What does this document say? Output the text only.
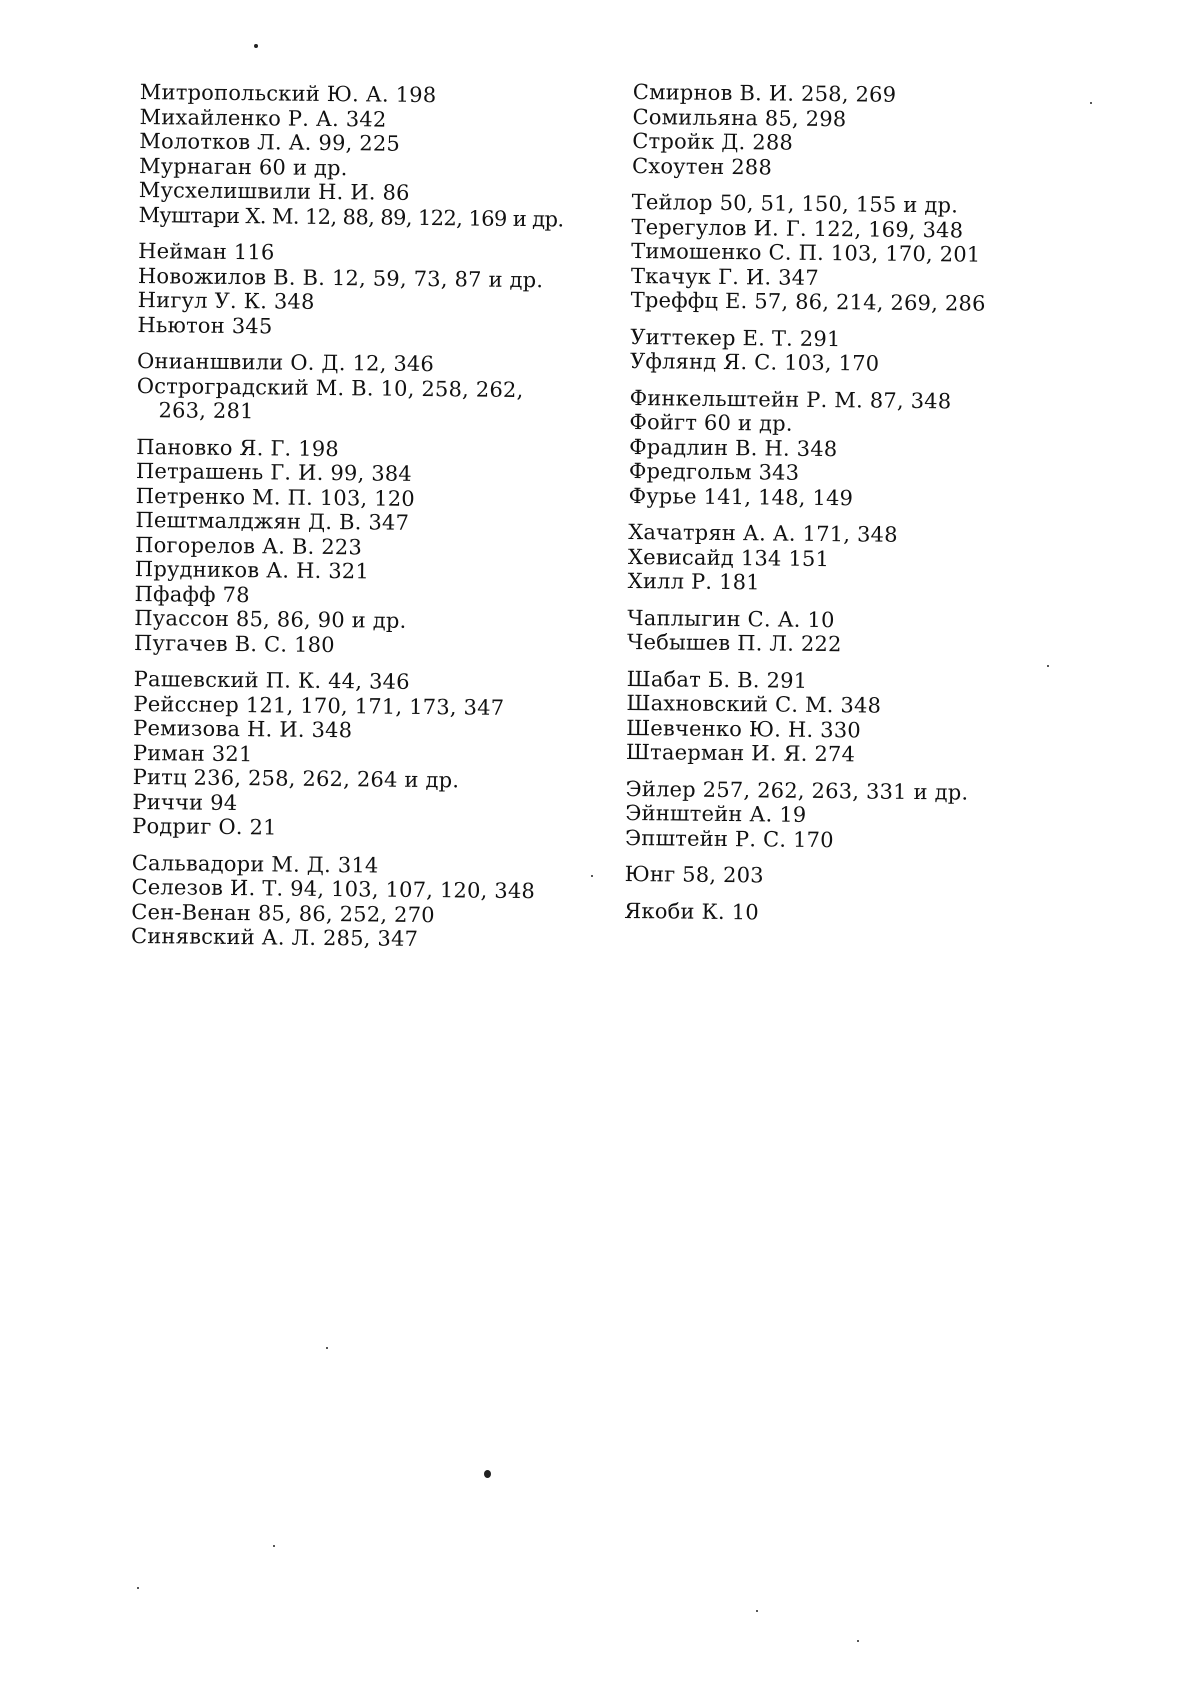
Митропольский Ю. А. 198
Михайленко Р. А. 342
Молотков Л. А. 99, 225
Мурнаган 60 и др.
Мусхелишвили Н. И. 86
Муштари Х. М. 12, 88, 89, 122, 169 и др.
Нейман 116
Новожилов В. В. 12, 59, 73, 87 и др.
Нигул У. К. 348
Ньютон 345
Онианшвили О. Д. 12, 346
Остроградский М. В. 10, 258, 262,
263, 281
Пановко Я. Г. 198
Петрашень Г. И. 99, 384
Петренко М. П. 103, 120
Пештмалджян Д. В. 347
Погорелов А. В. 223
Прудников А. Н. 321
Пфафф 78
Пуассон 85, 86, 90 и др.
Пугачев В. С. 180
Рашевский П. К. 44, 346
Рейсснер 121, 170, 171, 173, 347
Ремизова Н. И. 348
Риман 321
Ритц 236, 258, 262, 264 и др.
Риччи 94
Родриг О. 21
Сальвадори М. Д. 314
Селезов И. Т. 94, 103, 107, 120, 348
Сен-Венан 85, 86, 252, 270
Синявский А. Л. 285, 347
Смирнов В. И. 258, 269
Сомильяна 85, 298
Стройк Д. 288
Схоутен 288
Тейлор 50, 51, 150, 155 и др.
Терегулов И. Г. 122, 169, 348
Тимошенко С. П. 103, 170, 201
Ткачук Г. И. 347
Треффц Е. 57, 86, 214, 269, 286
Уиттекер Е. Т. 291
Уфлянд Я. С. 103, 170
Финкельштейн Р. М. 87, 348
Фойгт 60 и др.
Фрадлин В. Н. 348
Фредгольм 343
Фурье 141, 148, 149
Хачатрян А. А. 171, 348
Хевисайд 134 151
Хилл Р. 181
Чаплыгин С. А. 10
Чебышев П. Л. 222
Шабат Б. В. 291
Шахновский С. М. 348
Шевченко Ю. Н. 330
Штаерман И. Я. 274
Эйлер 257, 262, 263, 331 и др.
Эйнштейн А. 19
Эпштейн Р. С. 170
Юнг 58, 203
Якоби К. 10
